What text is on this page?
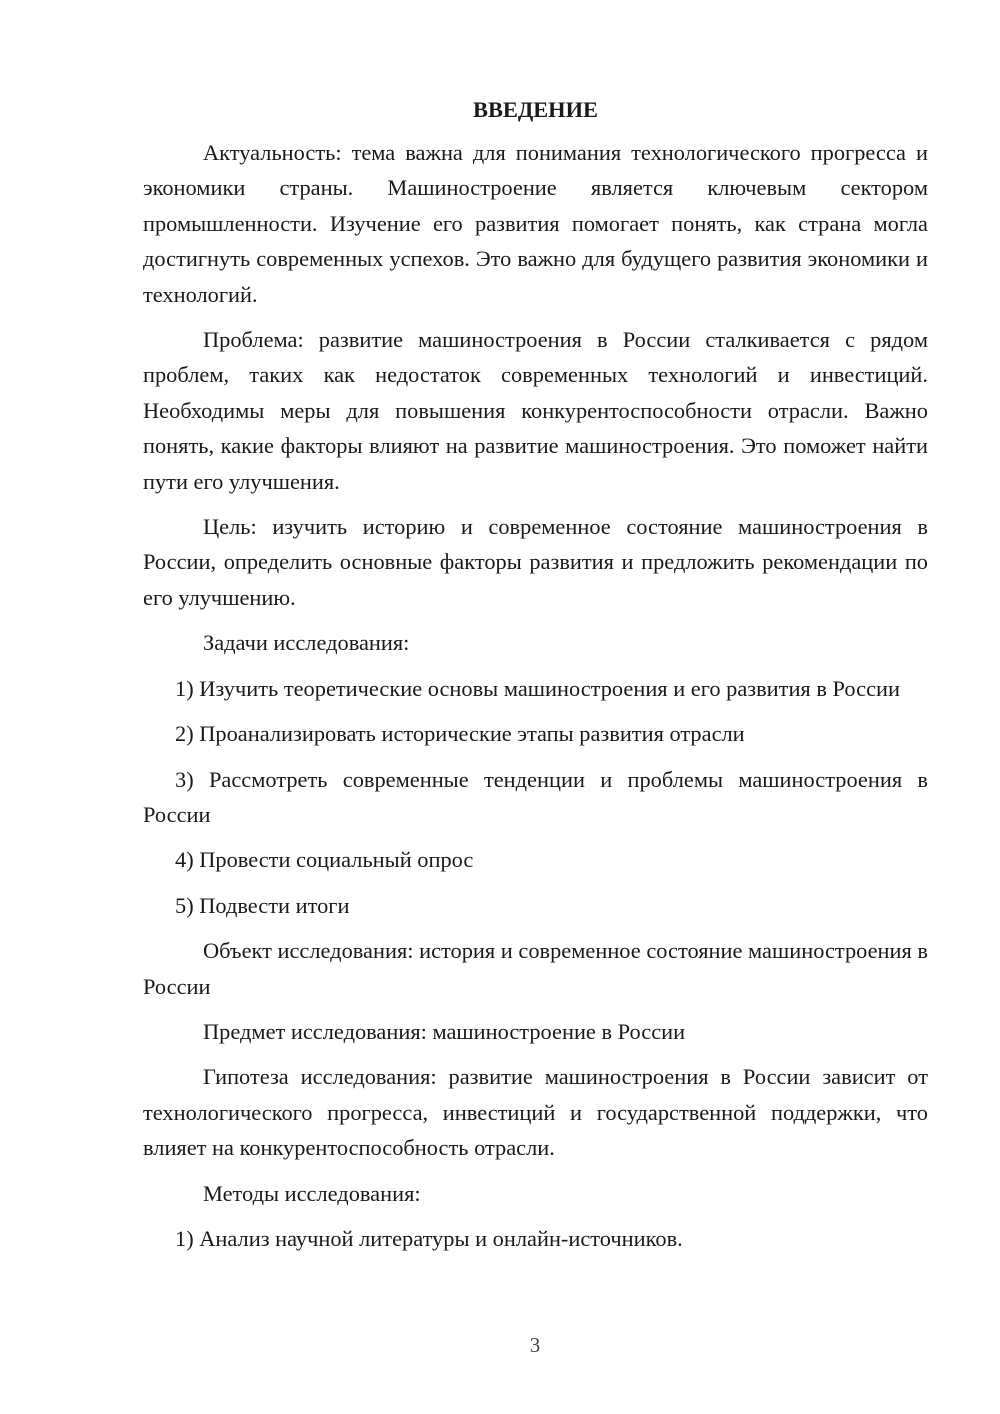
ВВЕДЕНИЕ

Актуальность: тема важна для понимания технологического прогресса и экономики страны. Машиностроение является ключевым сектором промышленности. Изучение его развития помогает понять, как страна могла достигнуть современных успехов. Это важно для будущего развития экономики и технологий.

Проблема: развитие машиностроения в России сталкивается с рядом проблем, таких как недостаток современных технологий и инвестиций. Необходимы меры для повышения конкурентоспособности отрасли. Важно понять, какие факторы влияют на развитие машиностроения. Это поможет найти пути его улучшения.

Цель: изучить историю и современное состояние машиностроения в России, определить основные факторы развития и предложить рекомендации по его улучшению.

Задачи исследования:

1) Изучить теоретические основы машиностроения и его развития в России

2) Проанализировать исторические этапы развития отрасли

3) Рассмотреть современные тенденции и проблемы машиностроения в России

4) Провести социальный опрос

5) Подвести итоги

Объект исследования: история и современное состояние машиностроения в России

Предмет исследования: машиностроение в России

Гипотеза исследования: развитие машиностроения в России зависит от технологического прогресса, инвестиций и государственной поддержки, что влияет на конкурентоспособность отрасли.

Методы исследования:

1) Анализ научной литературы и онлайн-источников.

3
